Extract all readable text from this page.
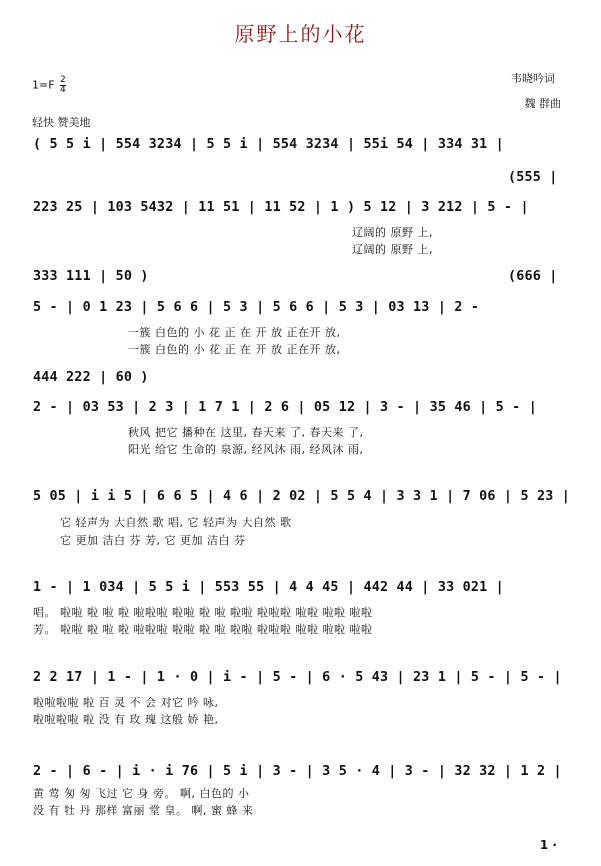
原野上的小花
$1=F \frac{2}{4}$	韦晓吟词
魏 群曲
轻快 赞美地
( 5 5 i | 554 3234 | 5 5 i | 554 3234 | 55i 54 | 334 31 |
(555 |
223 25 | 103 5432 | 11 51 | 11 52 | 1 ) 5 12 | 3 212 | 5 - |
辽阔的 原野 上,
辽阔的 原野 上,
333 111 | 50 )	(666 |
5 - | 0 1 23 | 5 6 6 | 5 3 | 5 6 6 | 5 3 | 03 13 | 2 -
一簇 白色的 小 花 正 在 开 放 正在开 放,
一簇 白色的 小 花 正 在 开 放 正在开 放,
444 222 | 60 )
2 - | 03 53 | 2 3 | 1 7 1 | 2 6 | 05 12 | 3 - | 35 46 | 5 - |
秋风 把它 播种在 这里, 春天来 了, 春天来 了,
阳光 给它 生命的 泉源, 经风沐 雨, 经风沐 雨,
5 05 | i i 5 | 6 6 5 | 4 6 | 2 02 | 5 5 4 | 3 3 1 | 7 06 | 5 23 |
它 轻声为 大自然 歌 唱, 它 轻声为 大自然 歌
它 更加 洁白 芬 芳, 它 更加 洁白 芬
1 - | 1 034 | 5 5 i | 553 55 | 4 4 45 | 442 44 | 33 021 |
唱。 啦啦 啦 啦 啦 啦啦啦 啦啦 啦 啦 啦啦 啦啦啦 啦啦 啦啦 啦啦
芳。 啦啦 啦 啦 啦 啦啦啦 啦啦 啦 啦 啦啦 啦啦啦 啦啦 啦啦 啦啦
2 2 17 | 1 - | 1 · 0 | i - | 5 - | 6 · 5 43 | 23 1 | 5 - | 5 - |
啦啦啦啦 啦 百 灵 不 会 对它 吟 咏,
啦啦啦啦 啦 没 有 玫 瑰 这般 娇 艳,
2 - | 6 - | i · i 76 | 5 i | 3 - | 3 5 · 4 | 3 - | 32 32 | 1 2 |
黄 莺 匆 匆 飞过 它 身 旁。 啊, 白色的 小
没 有 牡 丹 那样 富丽 堂 皇。 啊, 蜜 蜂 来
1 ·
